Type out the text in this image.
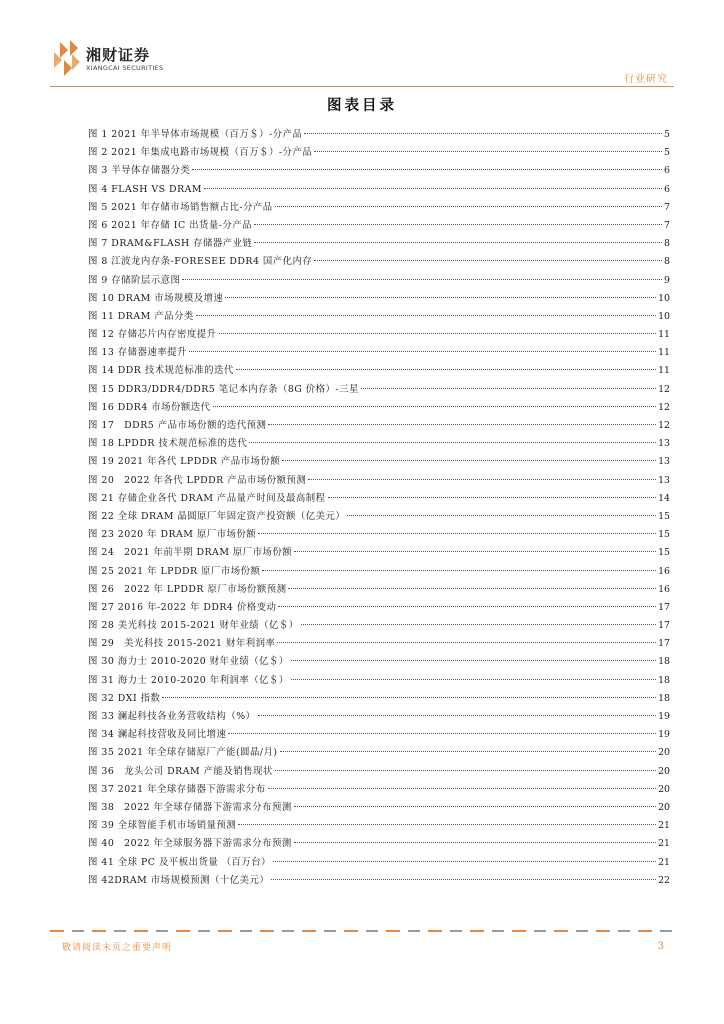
湘财证券
XIANGCAI SECURITIES
行业研究
图表目录
图 1 2021 年半导体市场规模（百万＄）-分产品	5
图 2 2021 年集成电路市场规模（百万＄）-分产品	5
图 3 半导体存储器分类	6
图 4 FLASH VS DRAM	6
图 5 2021 年存储市场销售额占比-分产品	7
图 6 2021 年存储 IC 出货量-分产品	7
图 7 DRAM&FLASH 存储器产业链	8
图 8 江波龙内存条-FORESEE DDR4 国产化内存	8
图 9 存储阶层示意图	9
图 10 DRAM 市场规模及增速	10
图 11 DRAM 产品分类	10
图 12 存储芯片内存密度提升	11
图 13 存储器速率提升	11
图 14 DDR 技术规范标准的迭代	11
图 15 DDR3/DDR4/DDR5 笔记本内存条（8G 价格）-三星	12
图 16 DDR4 市场份额迭代	12
图 17　DDR5 产品市场份额的迭代预测	12
图 18 LPDDR 技术规范标准的迭代	13
图 19 2021 年各代 LPDDR 产品市场份额	13
图 20　2022 年各代 LPDDR 产品市场份额预测	13
图 21 存储企业各代 DRAM 产品量产时间及最高制程	14
图 22 全球 DRAM 晶圆原厂年固定资产投资额（亿美元）	15
图 23 2020 年 DRAM 原厂市场份额	15
图 24　2021 年前半期 DRAM 原厂市场份额	15
图 25 2021 年 LPDDR 原厂市场份额	16
图 26　2022 年 LPDDR 原厂市场份额预测	16
图 27 2016 年-2022 年 DDR4 价格变动	17
图 28 美光科技 2015-2021 财年业绩（亿＄）	17
图 29　美光科技 2015-2021 财年利润率	17
图 30 海力士 2010-2020 财年业绩（亿＄）	18
图 31 海力士 2010-2020 年利润率（亿＄）	18
图 32 DXI 指数	18
图 33 澜起科技各业务营收结构（%）	19
图 34 澜起科技营收及同比增速	19
图 35 2021 年全球存储原厂产能(圆晶/月)	20
图 36　龙头公司 DRAM 产能及销售现状	20
图 37 2021 年全球存储器下游需求分布	20
图 38　2022 年全球存储器下游需求分布预测	20
图 39 全球智能手机市场销量预测	21
图 40　2022 年全球服务器下游需求分布预测	21
图 41 全球 PC 及平板出货量 （百万台）	21
图 42DRAM 市场规模预测（十亿美元）	22
敬请阅读末页之重要声明	3
